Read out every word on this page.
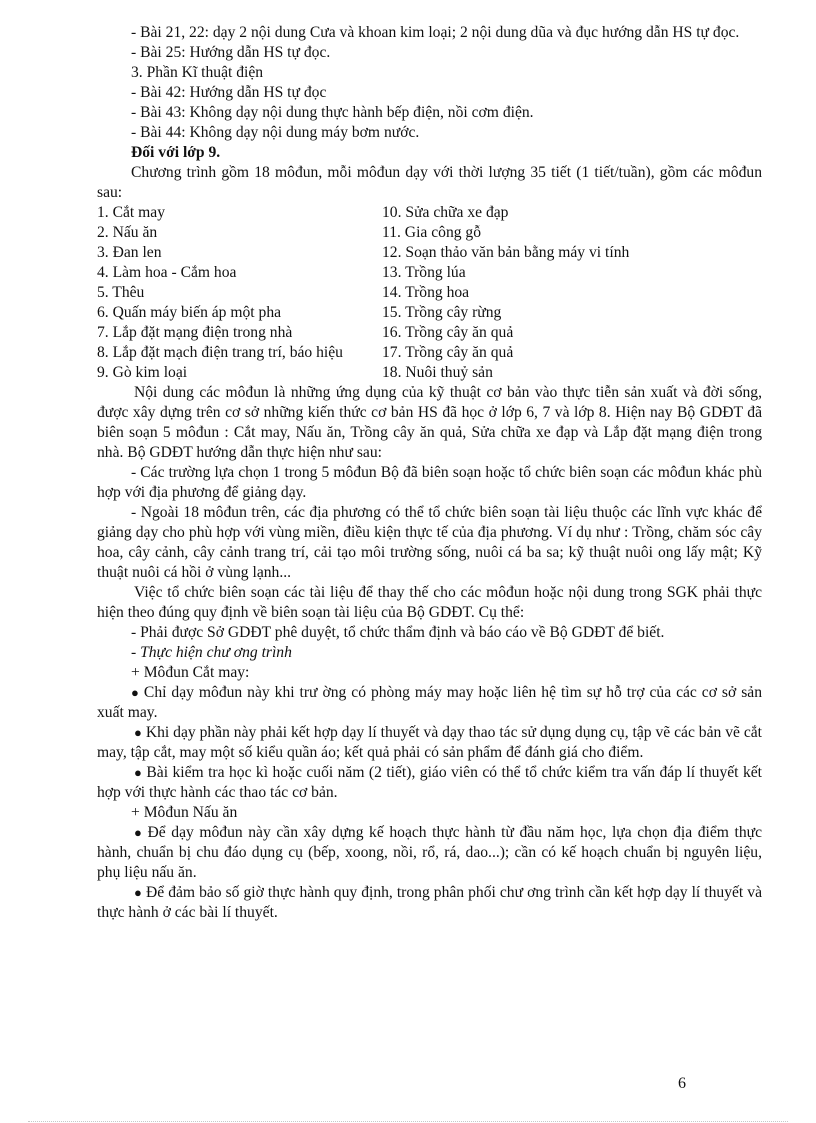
- Bài 21, 22: dạy 2 nội dung Cưa và khoan kim loại; 2 nội dung dũa và đục hướng dẫn HS tự đọc.

- Bài 25: Hướng dẫn HS tự đọc.

3. Phần Kĩ thuật điện

- Bài 42: Hướng dẫn HS tự đọc

- Bài 43: Không dạy nội dung thực hành bếp điện, nồi cơm điện.

- Bài 44: Không dạy nội dung máy bơm nước.

Đối với lớp 9.

Chương trình gồm 18 môđun, mỗi môđun dạy với thời lượng 35 tiết (1 tiết/tuần), gồm các môđun sau:

1. Cắt may	10. Sửa chữa xe đạp
2. Nấu ăn	11. Gia công gỗ
3. Đan len	12. Soạn thảo văn bản bằng máy vi tính
4. Làm hoa - Cắm hoa	13. Trồng lúa
5. Thêu	14. Trồng hoa
6. Quấn máy biến áp một pha	15. Trồng cây rừng
7. Lắp đặt mạng điện trong nhà	16. Trồng cây ăn quả
8. Lắp đặt mạch điện trang trí, báo hiệu	17. Trồng cây ăn quả
9. Gò kim loại	18. Nuôi thuỷ sản

Nội dung các môđun là những ứng dụng của kỹ thuật cơ bản vào thực tiễn sản xuất và đời sống, được xây dựng trên cơ sở những kiến thức cơ bản HS đã học ở lớp 6, 7 và lớp 8. Hiện nay Bộ GDĐT đã biên soạn 5 môđun : Cắt may, Nấu ăn, Trồng cây ăn quả, Sửa chữa xe đạp và Lắp đặt mạng điện trong nhà. Bộ GDĐT hướng dẫn thực hiện như sau:

- Các trường lựa chọn 1 trong 5 môđun Bộ đã biên soạn hoặc tổ chức biên soạn các môđun khác phù hợp với địa phương để giảng dạy.

- Ngoài 18 môđun trên, các địa phương có thể tổ chức biên soạn tài liệu thuộc các lĩnh vực khác để giảng dạy cho phù hợp với vùng miền, điều kiện thực tế của địa phương. Ví dụ như : Trồng, chăm sóc cây hoa, cây cảnh, cây cảnh trang trí, cải tạo môi trường sống, nuôi cá ba sa; kỹ thuật nuôi ong lấy mật; Kỹ thuật nuôi cá hồi ở vùng lạnh...

Việc tổ chức biên soạn các tài liệu để thay thế cho các môđun hoặc nội dung trong SGK phải thực hiện theo đúng quy định về biên soạn tài liệu của Bộ GDĐT. Cụ thể:

- Phải được Sở GDĐT phê duyệt, tổ chức thẩm định và báo cáo về Bộ GDĐT để biết.

- Thực hiện chư ơng trình

+ Môđun Cắt may:

● Chỉ dạy môđun này khi trư ờng có phòng máy may hoặc liên hệ tìm sự hỗ trợ của các cơ sở sản xuất may.

● Khi dạy phần này phải kết hợp dạy lí thuyết và dạy thao tác sử dụng dụng cụ, tập vẽ các bản vẽ cắt may, tập cắt, may một số kiểu quần áo; kết quả phải có sản phẩm để đánh giá cho điểm.

● Bài kiểm tra học kì hoặc cuối năm (2 tiết), giáo viên có thể tổ chức kiểm tra vấn đáp lí thuyết kết hợp với thực hành các thao tác cơ bản.

+ Môđun Nấu ăn

● Để dạy môđun này cần xây dựng kế hoạch thực hành từ đầu năm học, lựa chọn địa điểm thực hành, chuẩn bị chu đáo dụng cụ (bếp, xoong, nồi, rổ, rá, dao...); cần có kế hoạch chuẩn bị nguyên liệu, phụ liệu nấu ăn.

● Để đảm bảo số giờ thực hành quy định, trong phân phối chư ơng trình cần kết hợp dạy lí thuyết và thực hành ở các bài lí thuyết.

6
